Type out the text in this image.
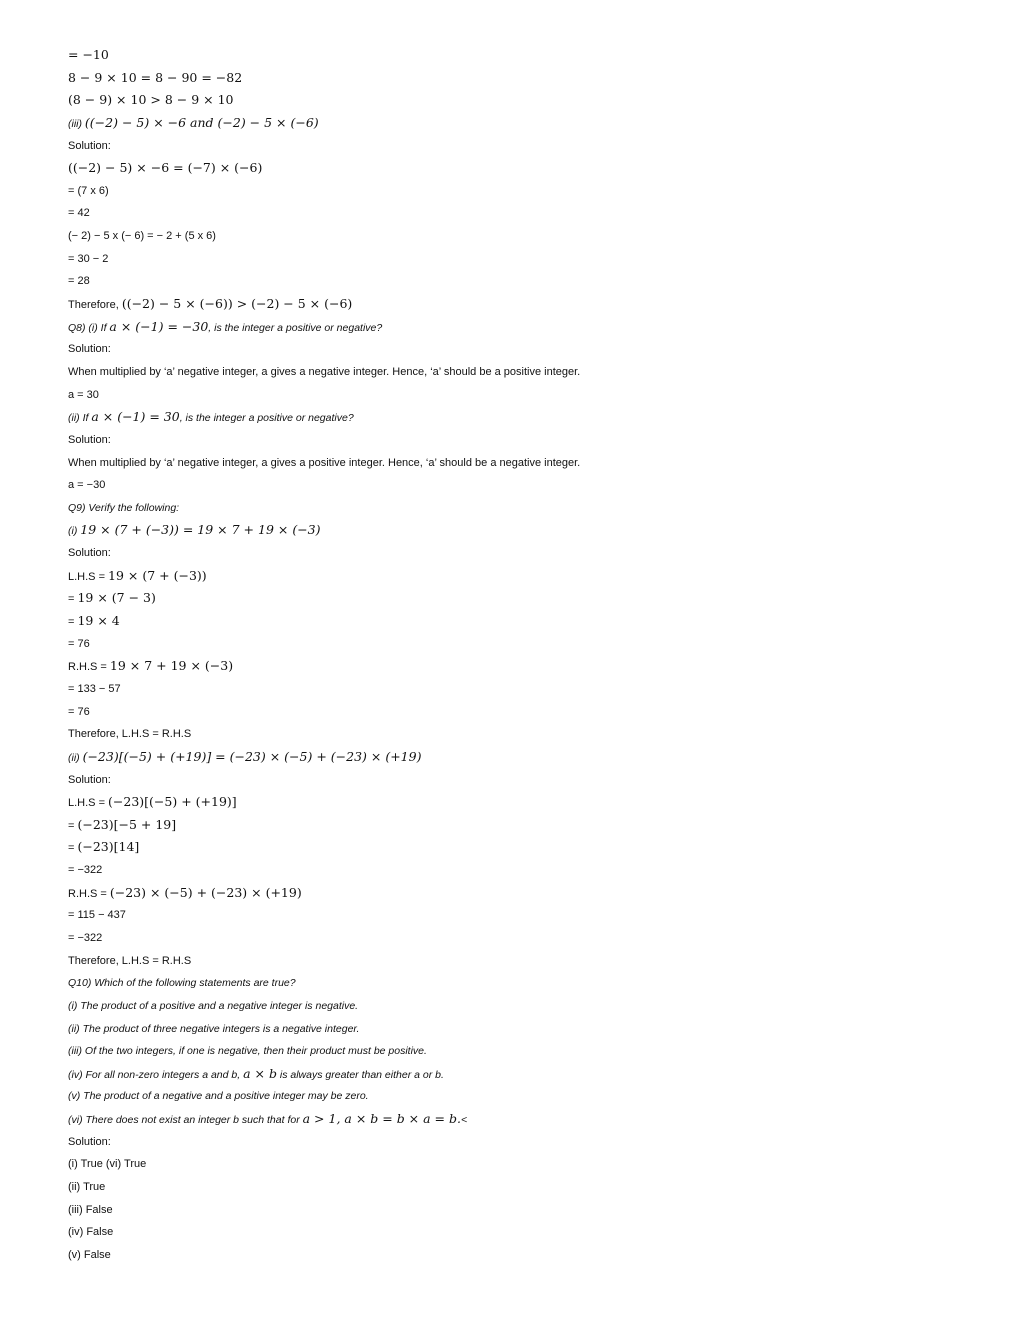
= −10
8 − 9 × 10 = 8 − 90 = −82
(8 − 9) × 10 > 8 − 9 × 10
(iii) ((−2) − 5) × −6 and (−2) − 5 × (−6)
Solution:
((−2) − 5) × −6 = (−7) × (−6)
= (7 x 6)
= 42
(− 2) − 5 x (− 6) = − 2 + (5 x 6)
= 30 − 2
= 28
Therefore, ((−2) − 5 × (−6)) > (−2) − 5 × (−6)
Q8) (i) If a × (−1) = −30, is the integer a positive or negative?
Solution:
When multiplied by ‘a’ negative integer, a gives a negative integer. Hence, ‘a’ should be a positive integer.
a = 30
(ii) If a × (−1) = 30, is the integer a positive or negative?
Solution:
When multiplied by ‘a’ negative integer, a gives a positive integer. Hence, ‘a’ should be a negative integer.
a = −30
Q9) Verify the following:
(i) 19 × (7 + (−3)) = 19 × 7 + 19 × (−3)
Solution:
L.H.S = 19 × (7 + (−3))
= 19 × (7 − 3)
= 19 × 4
= 76
R.H.S = 19 × 7 + 19 × (−3)
= 133 − 57
= 76
Therefore, L.H.S = R.H.S
(ii) (−23)[(−5) + (+19)] = (−23) × (−5) + (−23) × (+19)
Solution:
L.H.S = (−23)[(−5) + (+19)]
= (−23)[−5 + 19]
= (−23)[14]
= −322
R.H.S = (−23) × (−5) + (−23) × (+19)
= 115 − 437
= −322
Therefore, L.H.S = R.H.S
Q10) Which of the following statements are true?
(i) The product of a positive and a negative integer is negative.
(ii) The product of three negative integers is a negative integer.
(iii) Of the two integers, if one is negative, then their product must be positive.
(iv) For all non-zero integers a and b, a × b is always greater than either a or b.
(v) The product of a negative and a positive integer may be zero.
(vi) There does not exist an integer b such that for a > 1, a × b = b × a = b.<
Solution:
(i) True (vi) True
(ii) True
(iii) False
(iv) False
(v) False
